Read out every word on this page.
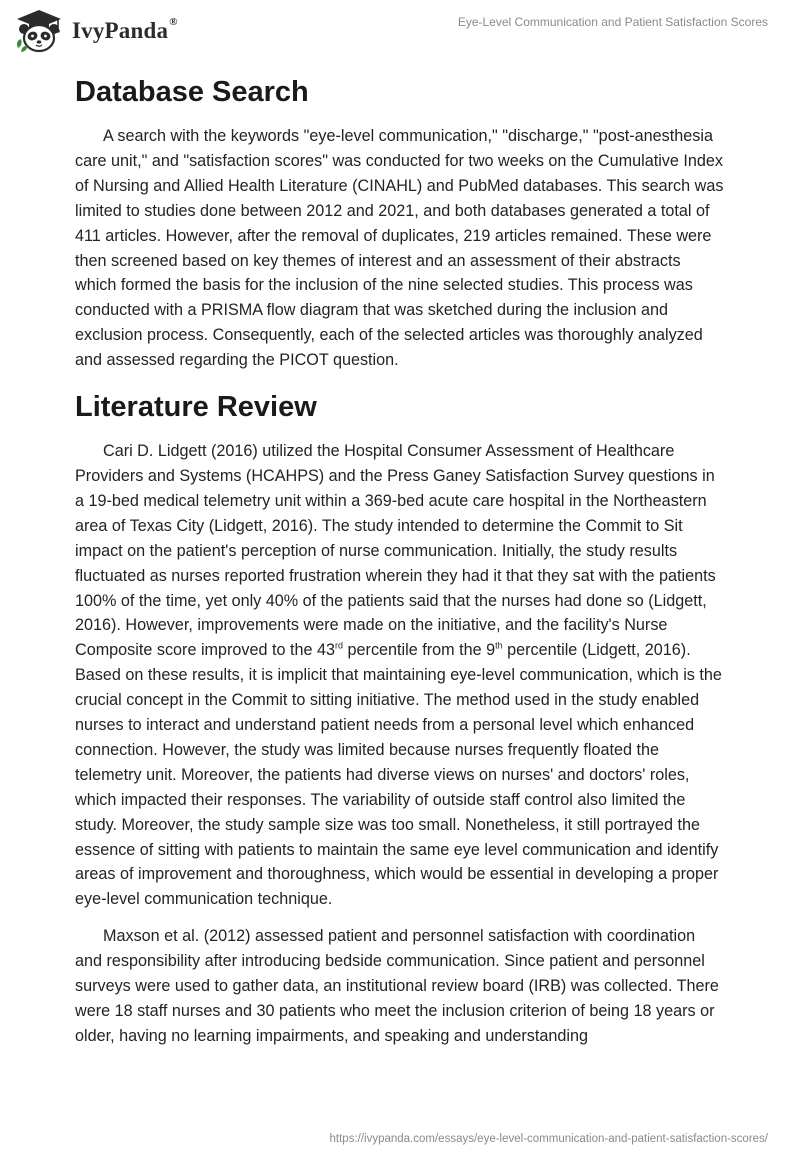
IvyPanda®	Eye-Level Communication and Patient Satisfaction Scores
Database Search

A search with the keywords "eye-level communication," "discharge," "post-anesthesia care unit," and "satisfaction scores" was conducted for two weeks on the Cumulative Index of Nursing and Allied Health Literature (CINAHL) and PubMed databases. This search was limited to studies done between 2012 and 2021, and both databases generated a total of 411 articles. However, after the removal of duplicates, 219 articles remained. These were then screened based on key themes of interest and an assessment of their abstracts which formed the basis for the inclusion of the nine selected studies. This process was conducted with a PRISMA flow diagram that was sketched during the inclusion and exclusion process. Consequently, each of the selected articles was thoroughly analyzed and assessed regarding the PICOT question.

Literature Review

Cari D. Lidgett (2016) utilized the Hospital Consumer Assessment of Healthcare Providers and Systems (HCAHPS) and the Press Ganey Satisfaction Survey questions in a 19-bed medical telemetry unit within a 369-bed acute care hospital in the Northeastern area of Texas City (Lidgett, 2016). The study intended to determine the Commit to Sit impact on the patient's perception of nurse communication. Initially, the study results fluctuated as nurses reported frustration wherein they had it that they sat with the patients 100% of the time, yet only 40% of the patients said that the nurses had done so (Lidgett, 2016). However, improvements were made on the initiative, and the facility's Nurse Composite score improved to the 43rd percentile from the 9th percentile (Lidgett, 2016). Based on these results, it is implicit that maintaining eye-level communication, which is the crucial concept in the Commit to sitting initiative. The method used in the study enabled nurses to interact and understand patient needs from a personal level which enhanced connection. However, the study was limited because nurses frequently floated the telemetry unit. Moreover, the patients had diverse views on nurses' and doctors' roles, which impacted their responses. The variability of outside staff control also limited the study. Moreover, the study sample size was too small. Nonetheless, it still portrayed the essence of sitting with patients to maintain the same eye level communication and identify areas of improvement and thoroughness, which would be essential in developing a proper eye-level communication technique.

Maxson et al. (2012) assessed patient and personnel satisfaction with coordination and responsibility after introducing bedside communication. Since patient and personnel surveys were used to gather data, an institutional review board (IRB) was collected. There were 18 staff nurses and 30 patients who meet the inclusion criterion of being 18 years or older, having no learning impairments, and speaking and understanding

https://ivypanda.com/essays/eye-level-communication-and-patient-satisfaction-scores/
